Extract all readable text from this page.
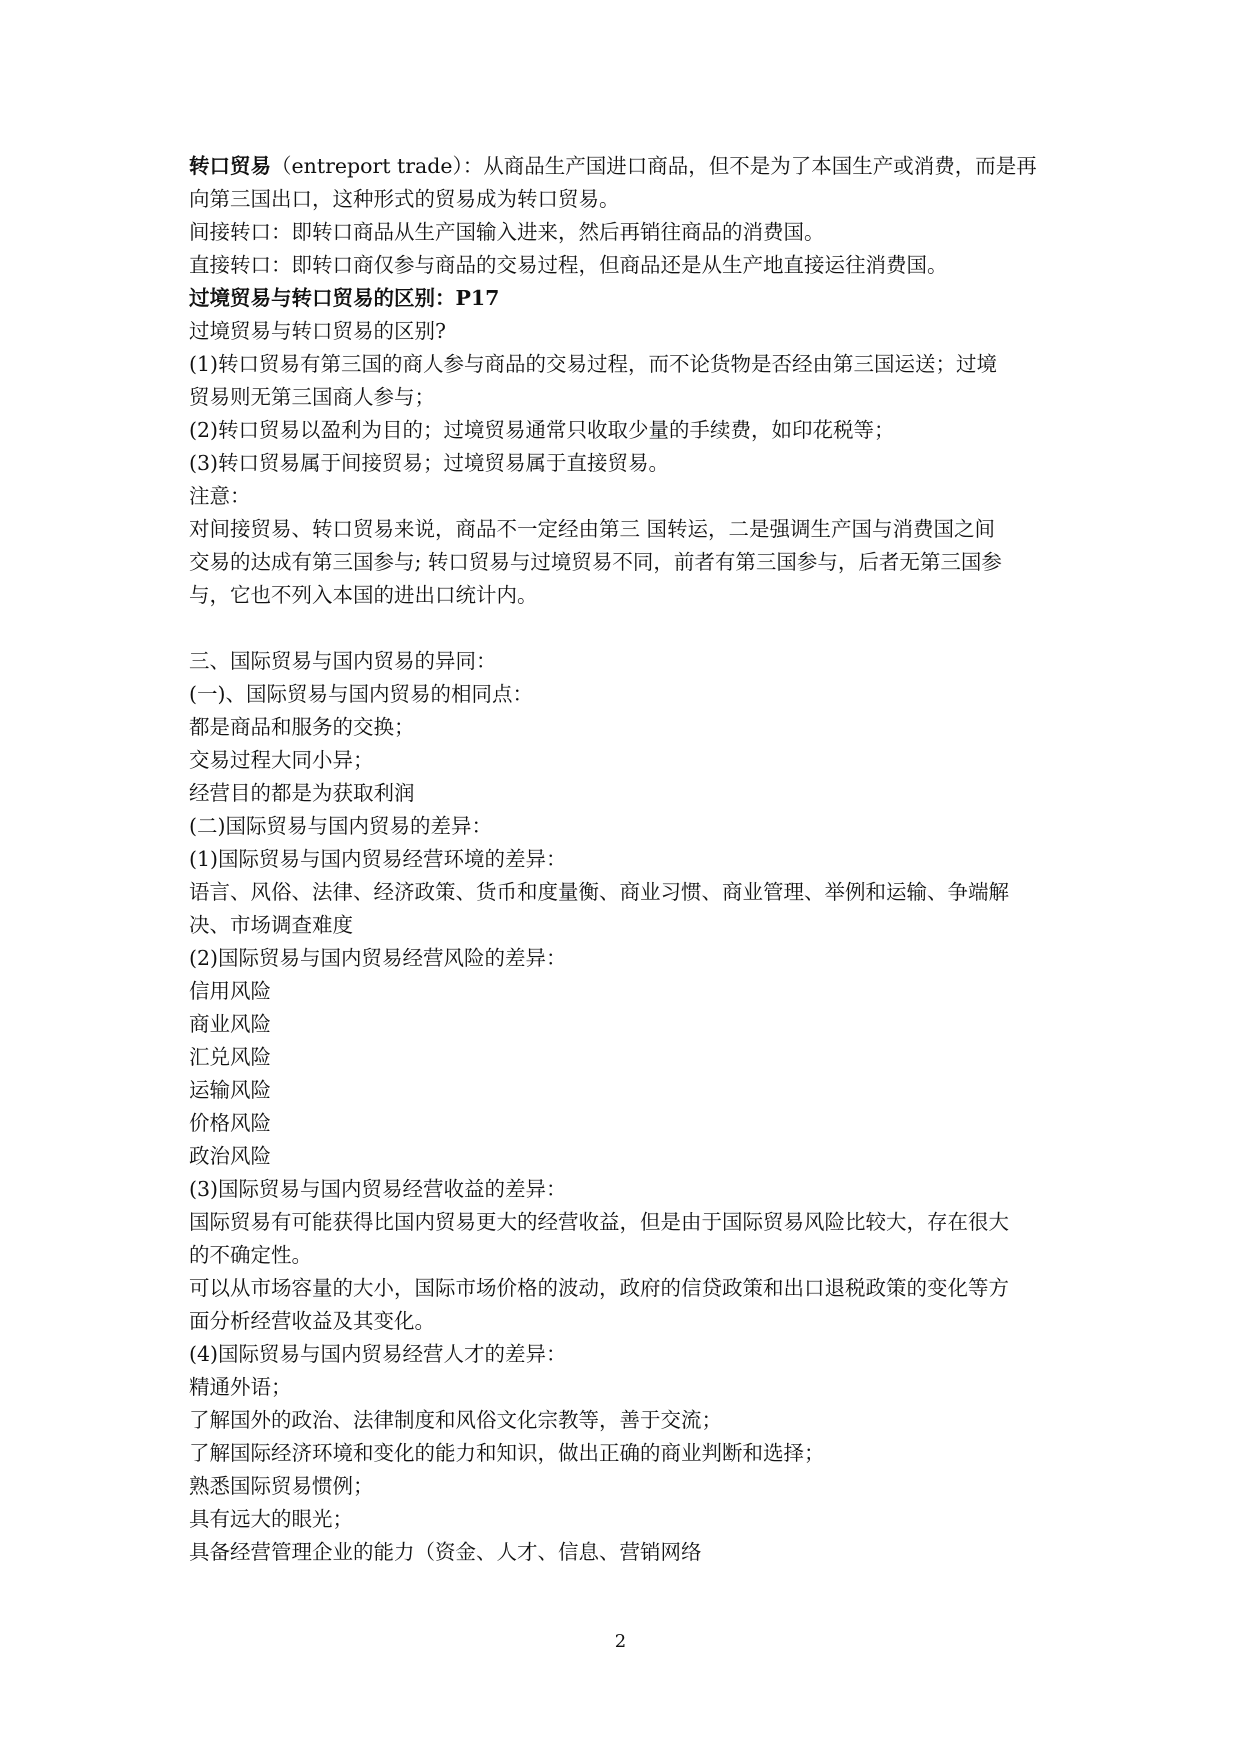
转口贸易（entreport trade）：从商品生产国进口商品，但不是为了本国生产或消费，而是再
向第三国出口，这种形式的贸易成为转口贸易。
间接转口：即转口商品从生产国输入进来，然后再销往商品的消费国。
直接转口：即转口商仅参与商品的交易过程，但商品还是从生产地直接运往消费国。
过境贸易与转口贸易的区别：P17
过境贸易与转口贸易的区别?
(1)转口贸易有第三国的商人参与商品的交易过程，而不论货物是否经由第三国运送；过境
贸易则无第三国商人参与；
(2)转口贸易以盈利为目的；过境贸易通常只收取少量的手续费，如印花税等；
(3)转口贸易属于间接贸易；过境贸易属于直接贸易。
注意：
对间接贸易、转口贸易来说，商品不一定经由第三 国转运，二是强调生产国与消费国之间
交易的达成有第三国参与; 转口贸易与过境贸易不同，前者有第三国参与，后者无第三国参
与，它也不列入本国的进出口统计内。
三、国际贸易与国内贸易的异同：
(一)、国际贸易与国内贸易的相同点：
都是商品和服务的交换；
交易过程大同小异；
经营目的都是为获取利润
(二)国际贸易与国内贸易的差异：
(1)国际贸易与国内贸易经营环境的差异：
语言、风俗、法律、经济政策、货币和度量衡、商业习惯、商业管理、举例和运输、争端解
决、市场调查难度
(2)国际贸易与国内贸易经营风险的差异：
信用风险
商业风险
汇兑风险
运输风险
价格风险
政治风险
(3)国际贸易与国内贸易经营收益的差异：
国际贸易有可能获得比国内贸易更大的经营收益，但是由于国际贸易风险比较大，存在很大
的不确定性。
可以从市场容量的大小，国际市场价格的波动，政府的信贷政策和出口退税政策的变化等方
面分析经营收益及其变化。
(4)国际贸易与国内贸易经营人才的差异：
精通外语；
了解国外的政治、法律制度和风俗文化宗教等，善于交流；
了解国际经济环境和变化的能力和知识，做出正确的商业判断和选择；
熟悉国际贸易惯例；
具有远大的眼光；
具备经营管理企业的能力（资金、人才、信息、营销网络
2
